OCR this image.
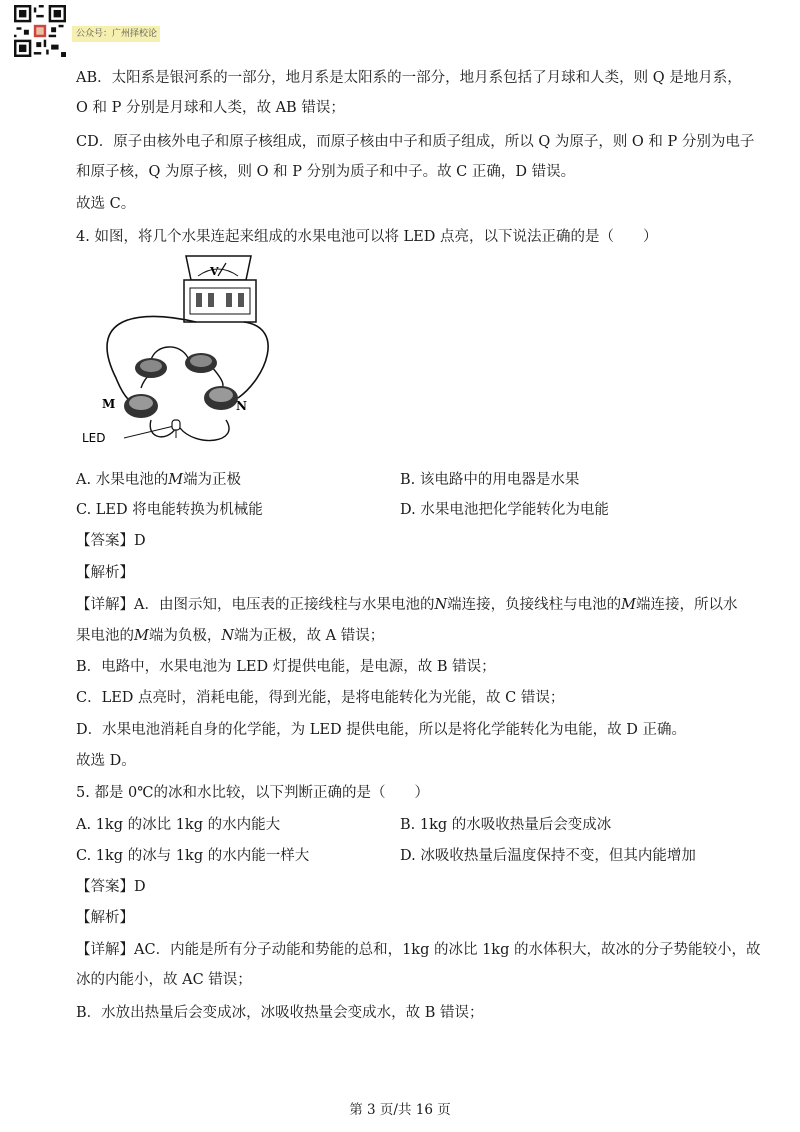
公众号：广州择校论
AB．太阳系是银河系的一部分，地月系是太阳系的一部分，地月系包括了月球和人类，则 Q 是地月系，
O 和 P 分别是月球和人类，故 AB 错误；
CD．原子由核外电子和原子核组成，而原子核由中子和质子组成，所以 Q 为原子，则 O 和 P 分别为电子
和原子核，Q 为原子核，则 O 和 P 分别为质子和中子。故 C 正确，D 错误。
故选 C。
4. 如图，将几个水果连起来组成的水果电池可以将 LED 点亮，以下说法正确的是（　　）
V
M	N
LED
A. 水果电池的M端为正极	B. 该电路中的用电器是水果
C. LED 将电能转换为机械能	D. 水果电池把化学能转化为电能
【答案】D
【解析】
【详解】A．由图示知，电压表的正接线柱与水果电池的N端连接，负接线柱与电池的M端连接，所以水
果电池的M端为负极，N端为正极，故 A 错误；
B．电路中，水果电池为 LED 灯提供电能，是电源，故 B 错误；
C．LED 点亮时，消耗电能，得到光能，是将电能转化为光能，故 C 错误；
D．水果电池消耗自身的化学能，为 LED 提供电能，所以是将化学能转化为电能，故 D 正确。
故选 D。
5. 都是 0℃的冰和水比较，以下判断正确的是（　　）
A. 1kg 的冰比 1kg 的水内能大	B. 1kg 的水吸收热量后会变成冰
C. 1kg 的冰与 1kg 的水内能一样大	D. 冰吸收热量后温度保持不变，但其内能增加
【答案】D
【解析】
【详解】AC．内能是所有分子动能和势能的总和，1kg 的冰比 1kg 的水体积大，故冰的分子势能较小，故
冰的内能小，故 AC 错误；
B．水放出热量后会变成冰，冰吸收热量会变成水，故 B 错误；
第 3 页/共 16 页
